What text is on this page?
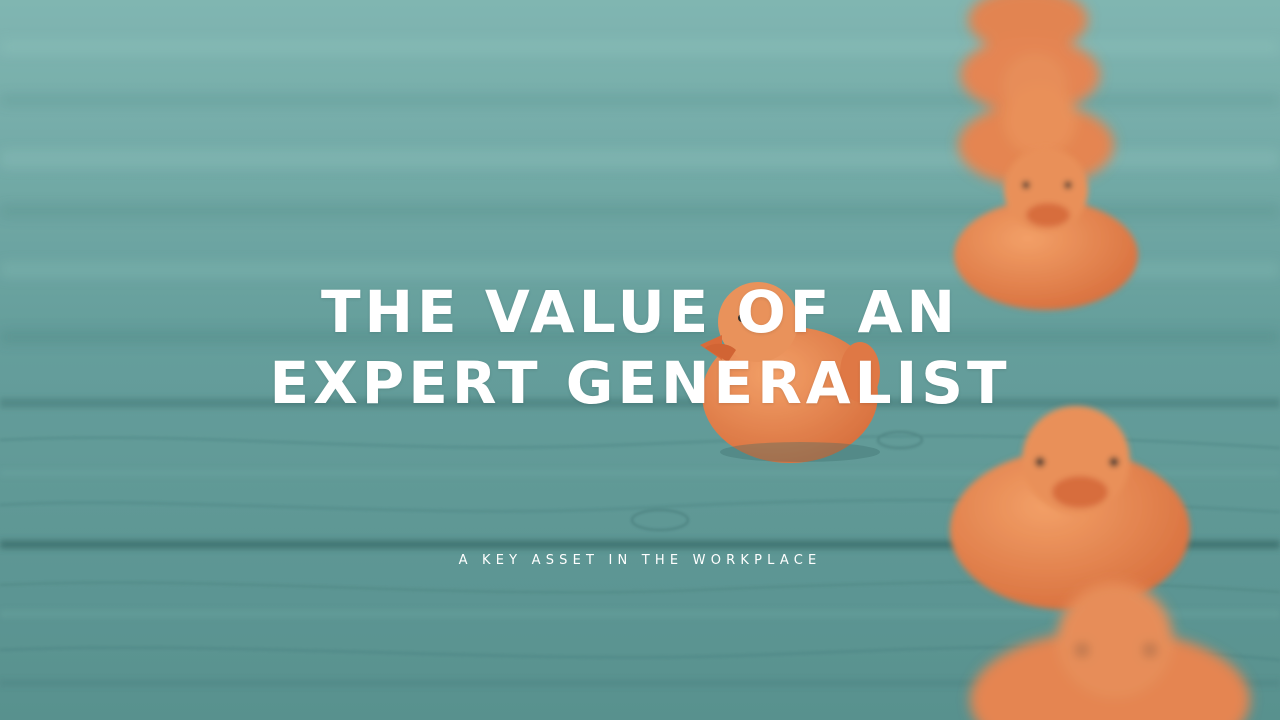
THE VALUE OF AN
EXPERT GENERALIST
A KEY ASSET IN THE WORKPLACE
